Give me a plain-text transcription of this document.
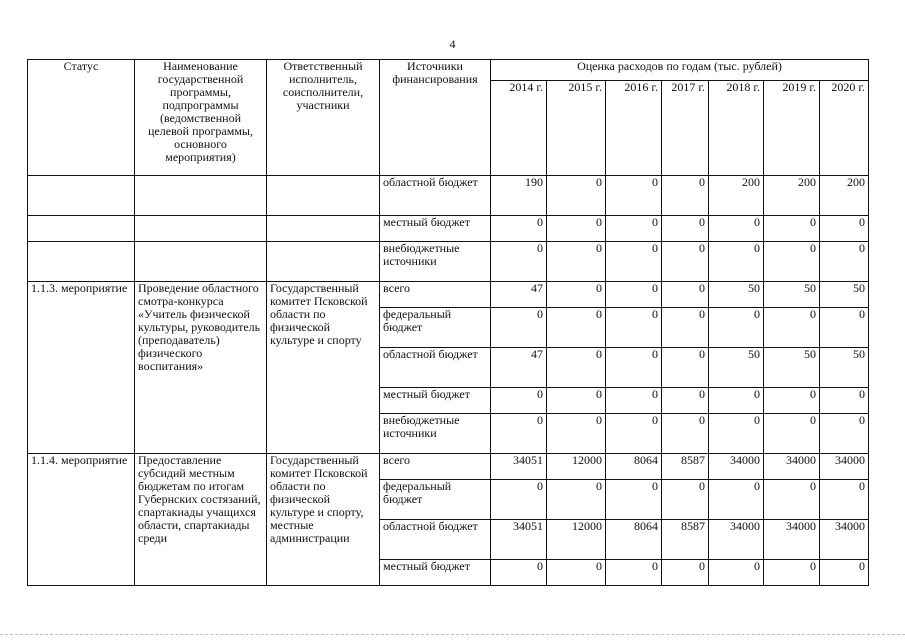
4
Статус	Наименование государственной программы, подпрограммы (ведомственной целевой программы, основного мероприятия)	Ответственный исполнитель, соисполнители, участники	Источники финансирования	Оценка расходов по годам (тыс. рублей)						
				2014 г.	2015 г.	2016 г.	2017 г.	2018 г.	2019 г.	2020 г.
			областной бюджет	190	0	0	0	200	200	200
			местный бюджет	0	0	0	0	0	0	0
			внебюджетные источники	0	0	0	0	0	0	0
1.1.3. мероприятие	Проведение областного смотра-конкурса «Учитель физической культуры, руководитель (преподаватель) физического воспитания»	Государственный комитет Псковской области по физической культуре и спорту	всего	47	0	0	0	50	50	50
			федеральный бюджет	0	0	0	0	0	0	0
			областной бюджет	47	0	0	0	50	50	50
			местный бюджет	0	0	0	0	0	0	0
			внебюджетные источники	0	0	0	0	0	0	0
1.1.4. мероприятие	Предоставление субсидий местным бюджетам по итогам Губернских состязаний, спартакиады учащихся области, спартакиады среди	Государственный комитет Псковской области по физической культуре и спорту, местные администрации	всего	34051	12000	8064	8587	34000	34000	34000
			федеральный бюджет	0	0	0	0	0	0	0
			областной бюджет	34051	12000	8064	8587	34000	34000	34000
			местный бюджет	0	0	0	0	0	0	0
